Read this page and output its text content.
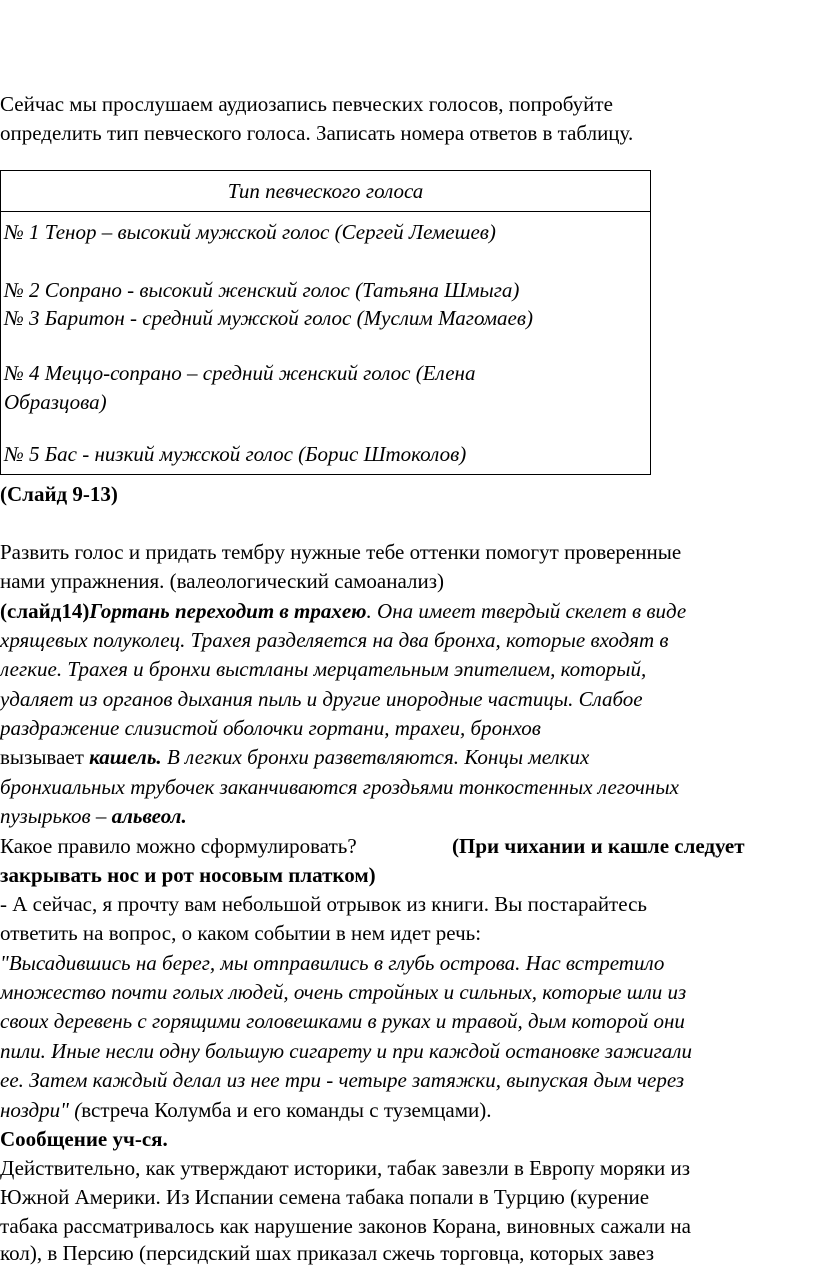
Сейчас мы прослушаем аудиозапись певческих голосов, попробуйте
определить тип певческого голоса. Записать номера ответов в таблицу.
Тип певческого голоса

№ 1 Тенор – высокий мужской голос (Сергей Лемешев)
№ 2 Сопрано - высокий женский голос (Татьяна Шмыга)
№ 3 Баритон - средний мужской голос (Муслим Магомаев)
№ 4 Меццо-сопрано – средний женский голос (Елена
Образцова)
№ 5 Бас - низкий мужской голос (Борис Штоколов)
(Слайд 9-13)
Развить голос и придать тембру нужные тебе оттенки помогут проверенные
нами упражнения. (валеологический самоанализ)
(слайд14)Гортань переходит в трахею. Она имеет твердый скелет в виде
хрящевых полуколец. Трахея разделяется на два бронха, которые входят в
легкие. Трахея и бронхи выстланы мерцательным эпителием, который,
удаляет из органов дыхания пыль и другие инородные частицы. Слабое
раздражение слизистой оболочки гортани, трахеи, бронхов
вызывает кашель. В легких бронхи разветвляются. Концы мелких
бронхиальных трубочек заканчиваются гроздьями тонкостенных легочных
пузырьков – альвеол.
Какое правило можно сформулировать?	(При чихании и кашле следует
закрывать нос и рот носовым платком)
- А сейчас, я прочту вам небольшой отрывок из книги. Вы постарайтесь
ответить на вопрос, о каком событии в нем идет речь:
"Высадившись на берег, мы отправились в глубь острова. Нас встретило
множество почти голых людей, очень стройных и сильных, которые шли из
своих деревень с горящими головешками в руках и травой, дым которой они
пили. Иные несли одну большую сигарету и при каждой остановке зажигали
ее. Затем каждый делал из нее три - четыре затяжки, выпуская дым через
ноздри" (встреча Колумба и его команды с туземцами).
Сообщение уч-ся.
Действительно, как утверждают историки, табак завезли в Европу моряки из
Южной Америки. Из Испании семена табака попали в Турцию (курение
табака рассматривалось как нарушение законов Корана, виновных сажали на
кол), в Персию (персидский шах приказал сжечь торговца, которых завез
